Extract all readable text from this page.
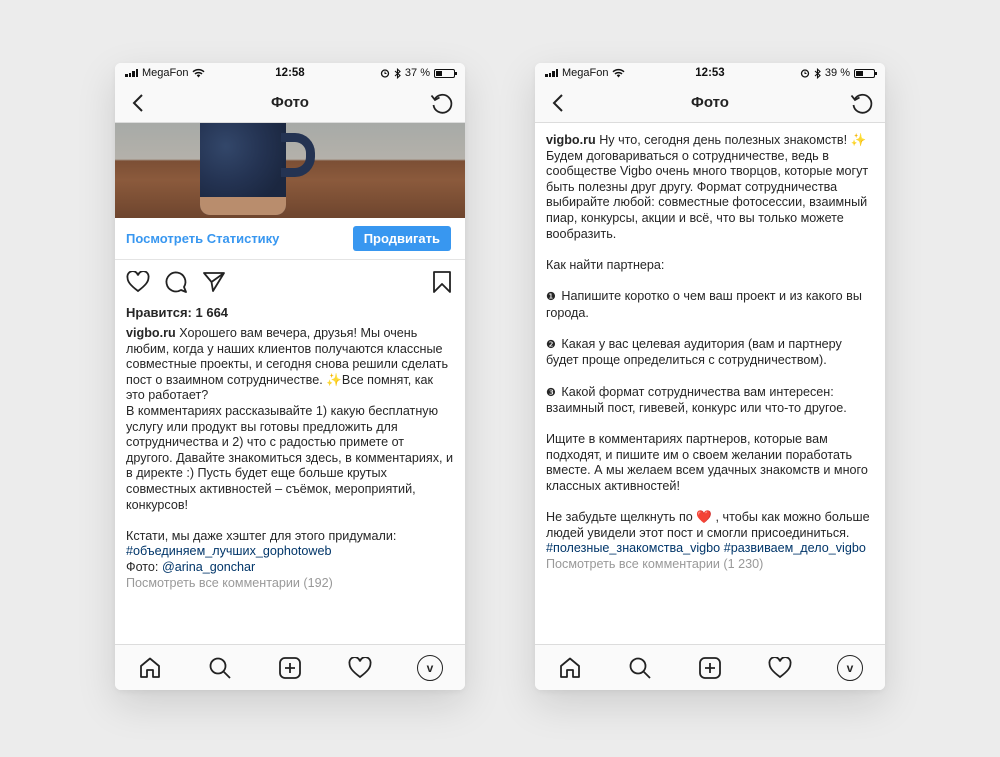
MegaFon	12:58	37 %
Фото
Посмотреть Статистику	Продвигать
Нравится: 1 664

vigbo.ru Хорошего вам вечера, друзья! Мы очень любим, когда у наших клиентов получаются классные совместные проекты, и сегодня снова решили сделать пост о взаимном сотрудничестве. ✨Все помнят, как это работает?

В комментариях рассказывайте 1) какую бесплатную услугу или продукт вы готовы предложить для сотрудничества и 2) что с радостью примете от другого. Давайте знакомиться здесь, в комментариях, и в директе :) Пусть будет еще больше крутых совместных активностей – съёмок, мероприятий, конкурсов!

Кстати, мы даже хэштег для этого придумали:

#объединяем_лучших_gophotoweb

Фото: @arina_gonchar

Посмотреть все комментарии (192)

v
MegaFon	12:53	39 %
Фото

vigbo.ru Ну что, сегодня день полезных знакомств! ✨ Будем договариваться о сотрудничестве, ведь в сообществе Vigbo очень много творцов, которые могут быть полезны друг другу. Формат сотрудничества выбирайте любой: совместные фотосессии, взаимный пиар, конкурсы, акции и всё, что вы только можете вообразить.

Как найти партнера:

❶ Напишите коротко о чем ваш проект и из какого вы города.

❷ Какая у вас целевая аудитория (вам и партнеру будет проще определиться с сотрудничеством).

❸ Какой формат сотрудничества вам интересен: взаимный пост, гивевей, конкурс или что-то другое.

Ищите в комментариях партнеров, которые вам подходят, и пишите им о своем желании поработать вместе. А мы желаем всем удачных знакомств и много классных активностей!

Не забудьте щелкнуть по ❤️ , чтобы как можно больше людей увидели этот пост и смогли присоединиться. #полезные_знакомства_vigbo #развиваем_дело_vigbo

Посмотреть все комментарии (1 230)

v
